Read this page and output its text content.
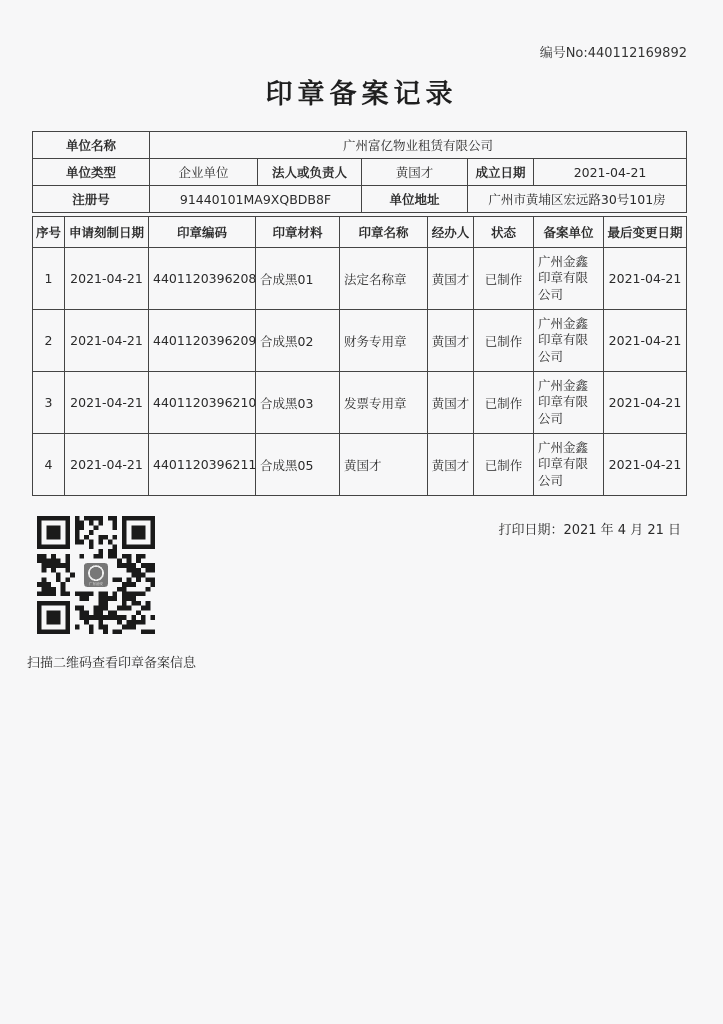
编号No:440112169892
印章备案记录
单位名称	广州富亿物业租赁有限公司				
单位类型	企业单位	法人或负责人	黄国才	成立日期	2021-04-21
注册号	91440101MA9XQBDB8F		单位地址	广州市黄埔区宏远路30号101房	
序号	申请刻制日期	印章编码	印章材料	印章名称	经办人	状态	备案单位	最后变更日期
1	2021-04-21	4401120396208	合成黑01	法定名称章	黄国才	已制作	广州金鑫
印章有限
公司	2021-04-21
2	2021-04-21	4401120396209	合成黑02	财务专用章	黄国才	已制作	广州金鑫
印章有限
公司	2021-04-21
3	2021-04-21	4401120396210	合成黑03	发票专用章	黄国才	已制作	广州金鑫
印章有限
公司	2021-04-21
4	2021-04-21	4401120396211	合成黑05	黄国才	黄国才	已制作	广州金鑫
印章有限
公司	2021-04-21
打印日期：2021 年 4 月 21 日
扫描二维码查看印章备案信息
